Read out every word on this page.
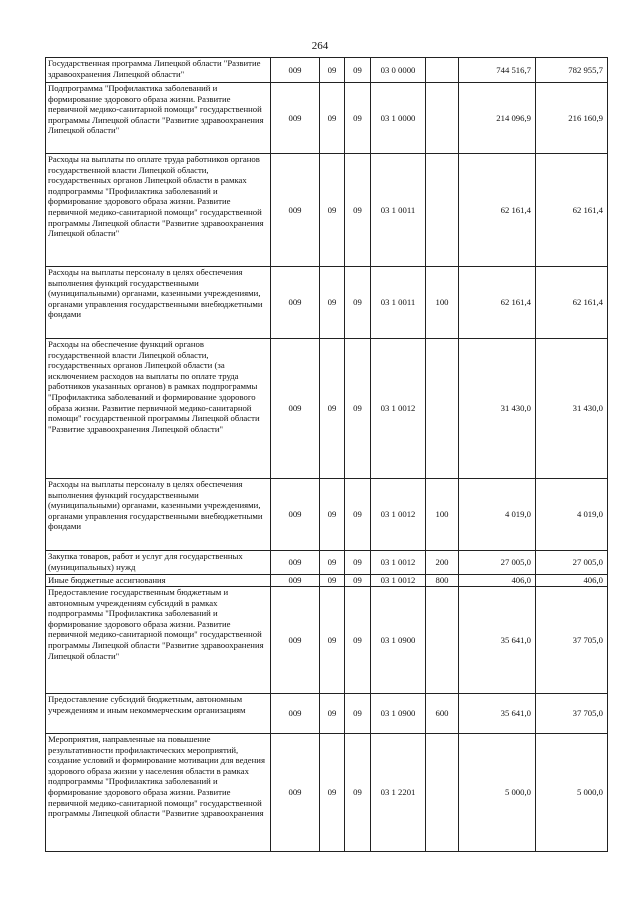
264
Государственная программа Липецкой области "Развитие здравоохранения Липецкой области"	009	09	09	03 0 0000		744 516,7	782 955,7
Подпрограмма "Профилактика заболеваний и формирование здорового образа жизни. Развитие первичной медико-санитарной помощи" государственной программы Липецкой области "Развитие здравоохранения Липецкой области"	009	09	09	03 1 0000		214 096,9	216 160,9
Расходы на выплаты по оплате труда работников органов государственной власти Липецкой области, государственных органов Липецкой области в рамках подпрограммы "Профилактика заболеваний и формирование здорового образа жизни. Развитие первичной медико-санитарной помощи" государственной программы Липецкой области "Развитие здравоохранения Липецкой области"	009	09	09	03 1 0011		62 161,4	62 161,4
Расходы на выплаты персоналу в целях обеспечения выполнения функций государственными (муниципальными) органами, казенными учреждениями, органами управления государственными внебюджетными фондами	009	09	09	03 1 0011	100	62 161,4	62 161,4
Расходы на обеспечение функций органов государственной власти Липецкой области, государственных органов Липецкой области (за исключением расходов на выплаты по оплате труда работников указанных органов) в рамках подпрограммы "Профилактика заболеваний и формирование здорового образа жизни. Развитие первичной медико-санитарной помощи" государственной программы Липецкой области "Развитие здравоохранения Липецкой области"	009	09	09	03 1 0012		31 430,0	31 430,0
Расходы на выплаты персоналу в целях обеспечения выполнения функций государственными (муниципальными) органами, казенными учреждениями, органами управления государственными внебюджетными фондами	009	09	09	03 1 0012	100	4 019,0	4 019,0
Закупка товаров, работ и услуг для государственных (муниципальных) нужд	009	09	09	03 1 0012	200	27 005,0	27 005,0
Иные бюджетные ассигнования	009	09	09	03 1 0012	800	406,0	406,0
Предоставление государственным бюджетным и автономным учреждениям субсидий в рамках подпрограммы "Профилактика заболеваний и формирование здорового образа жизни. Развитие первичной медико-санитарной помощи" государственной программы Липецкой области "Развитие здравоохранения Липецкой области"	009	09	09	03 1 0900		35 641,0	37 705,0
Предоставление субсидий бюджетным, автономным учреждениям и иным некоммерческим организациям	009	09	09	03 1 0900	600	35 641,0	37 705,0
Мероприятия, направленные на повышение результативности профилактических мероприятий, создание условий и формирование мотивации для ведения здорового образа жизни у населения области в рамках подпрограммы "Профилактика заболеваний и формирование здорового образа жизни. Развитие первичной медико-санитарной помощи" государственной программы Липецкой области "Развитие здравоохранения	009	09	09	03 1 2201		5 000,0	5 000,0
